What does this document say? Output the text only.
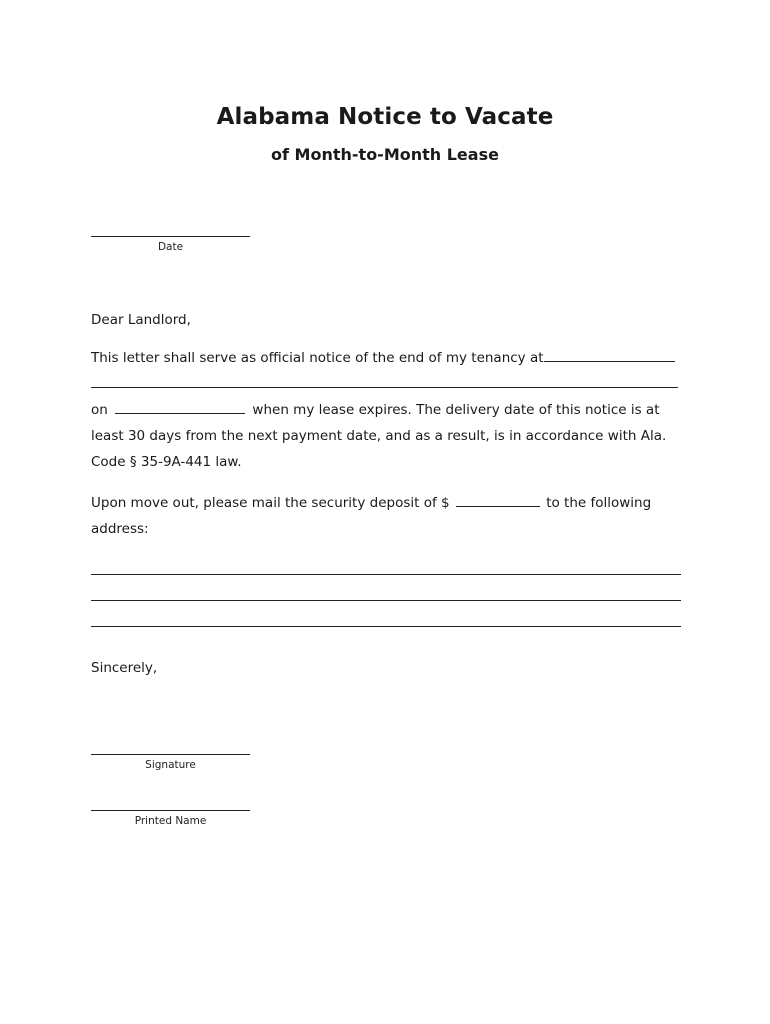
Alabama Notice to Vacate
of Month-to-Month Lease
Date
Dear Landlord,
This letter shall serve as official notice of the end of my tenancy at
on	when my lease expires. The delivery date of this notice is at
least 30 days from the next payment date, and as a result, is in accordance with Ala.
Code § 35-9A-441 law.
Upon move out, please mail the security deposit of $	to the following
address:
Sincerely,
Signature
Printed Name
